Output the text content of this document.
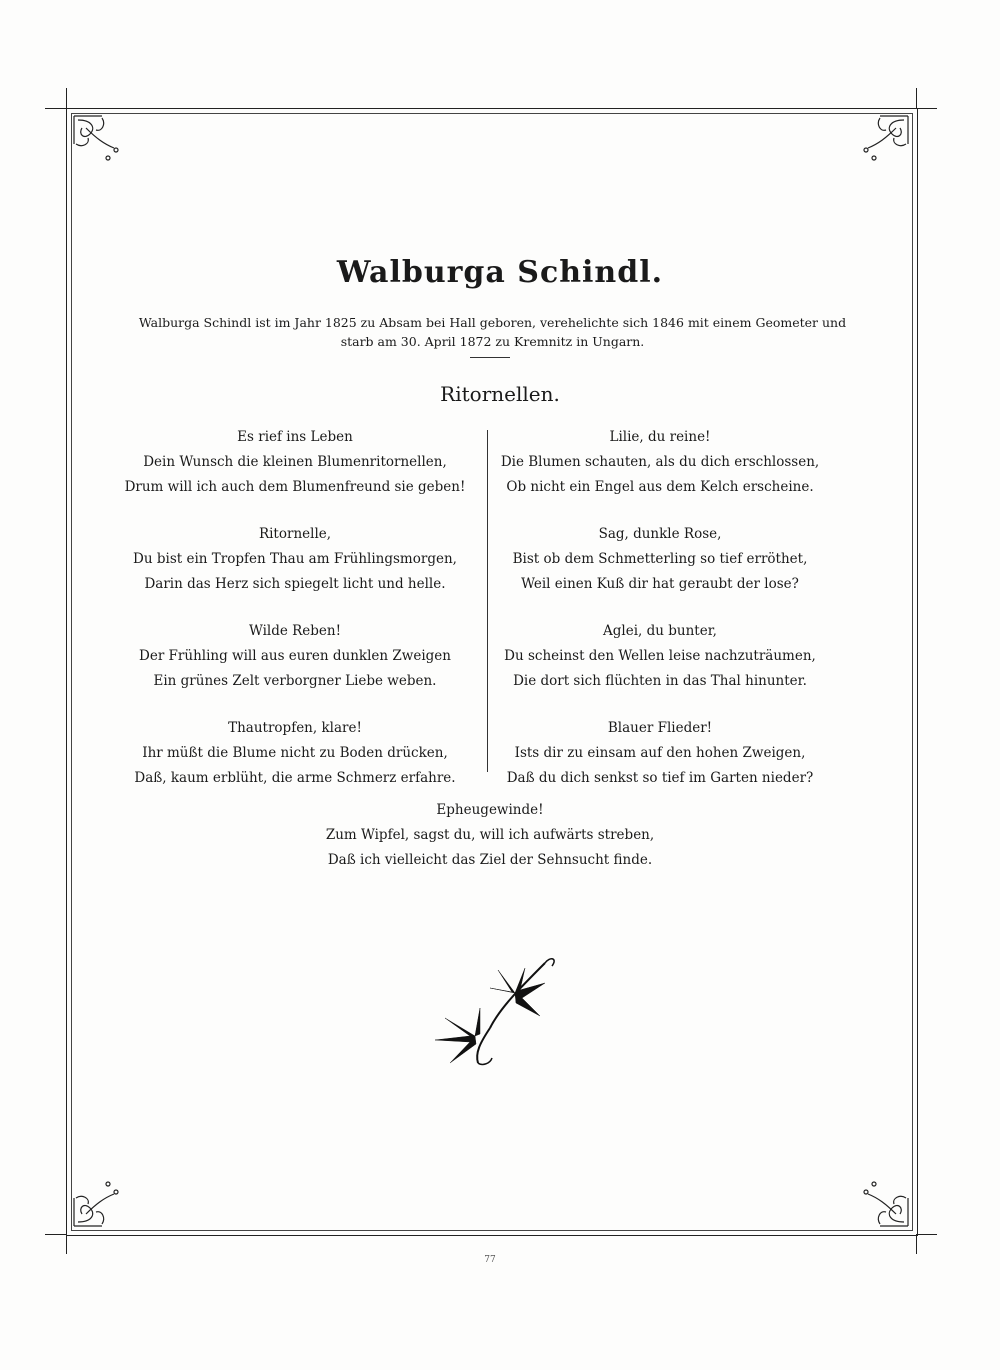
Walburga Schindl.
Walburga Schindl ist im Jahr 1825 zu Absam bei Hall geboren, verehelichte sich 1846 mit einem Geometer und starb am 30. April 1872 zu Kremnitz in Ungarn.
Ritornellen.
Es rief ins Leben
Dein Wunsch die kleinen Blumenritornellen,
Drum will ich auch dem Blumenfreund sie geben!
Ritornelle,
Du bist ein Tropfen Thau am Frühlingsmorgen,
Darin das Herz sich spiegelt licht und helle.
Wilde Reben!
Der Frühling will aus euren dunklen Zweigen
Ein grünes Zelt verborgner Liebe weben.
Thautropfen, klare!
Ihr müßt die Blume nicht zu Boden drücken,
Daß, kaum erblüht, die arme Schmerz erfahre.
Lilie, du reine!
Die Blumen schauten, als du dich erschlossen,
Ob nicht ein Engel aus dem Kelch erscheine.
Sag, dunkle Rose,
Bist ob dem Schmetterling so tief erröthet,
Weil einen Kuß dir hat geraubt der lose?
Aglei, du bunter,
Du scheinst den Wellen leise nachzuträumen,
Die dort sich flüchten in das Thal hinunter.
Blauer Flieder!
Ists dir zu einsam auf den hohen Zweigen,
Daß du dich senkst so tief im Garten nieder?
Epheugewinde!
Zum Wipfel, sagst du, will ich aufwärts streben,
Daß ich vielleicht das Ziel der Sehnsucht finde.
77
